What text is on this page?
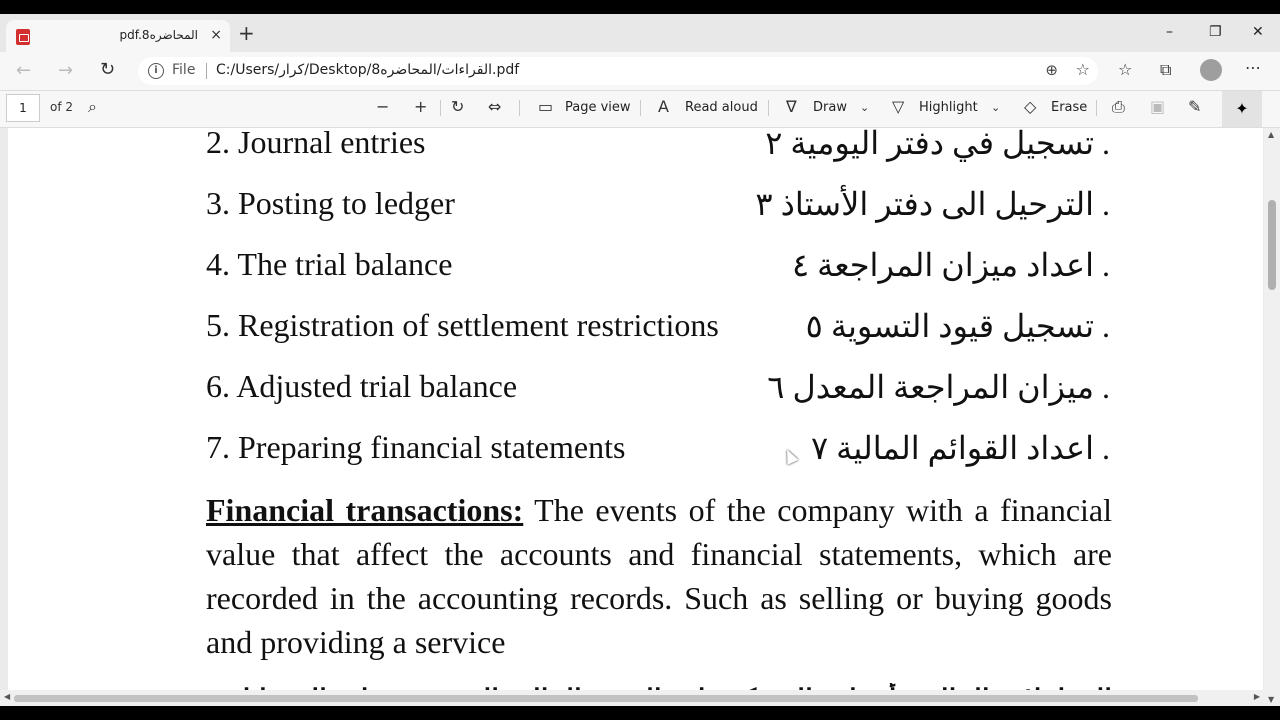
pdf.المحاضره8 × +	–	❐ ✕
← → ↻	i	File C:/Users/كرار/Desktop/8القراءات/المحاضره.pdf	⊕ ☆ ☆ ⧉	⋯
1	of 2 ⌕	− + ↻ ⇔ ▭ Page view A Read aloud ∇ Draw ⌄ ▽ Highlight ⌄ ◇ Erase ⎙ ▣ ✎	✦
2. Journal entries	. تسجيل في دفتر اليومية ٢
3. Posting to ledger	. الترحيل الى دفتر الأستاذ ٣
4. The trial balance	. اعداد ميزان المراجعة ٤
5. Registration of settlement restrictions	. تسجيل قيود التسوية ٥
6. Adjusted trial balance	. ميزان المراجعة المعدل ٦
7. Preparing financial statements	. اعداد القوائم المالية ٧
Financial transactions: The events of the company with a financial value that affect the accounts and financial statements, which are recorded in the accounting records. Such as selling or buying goods and providing a service
▲
▼
◀	▶
